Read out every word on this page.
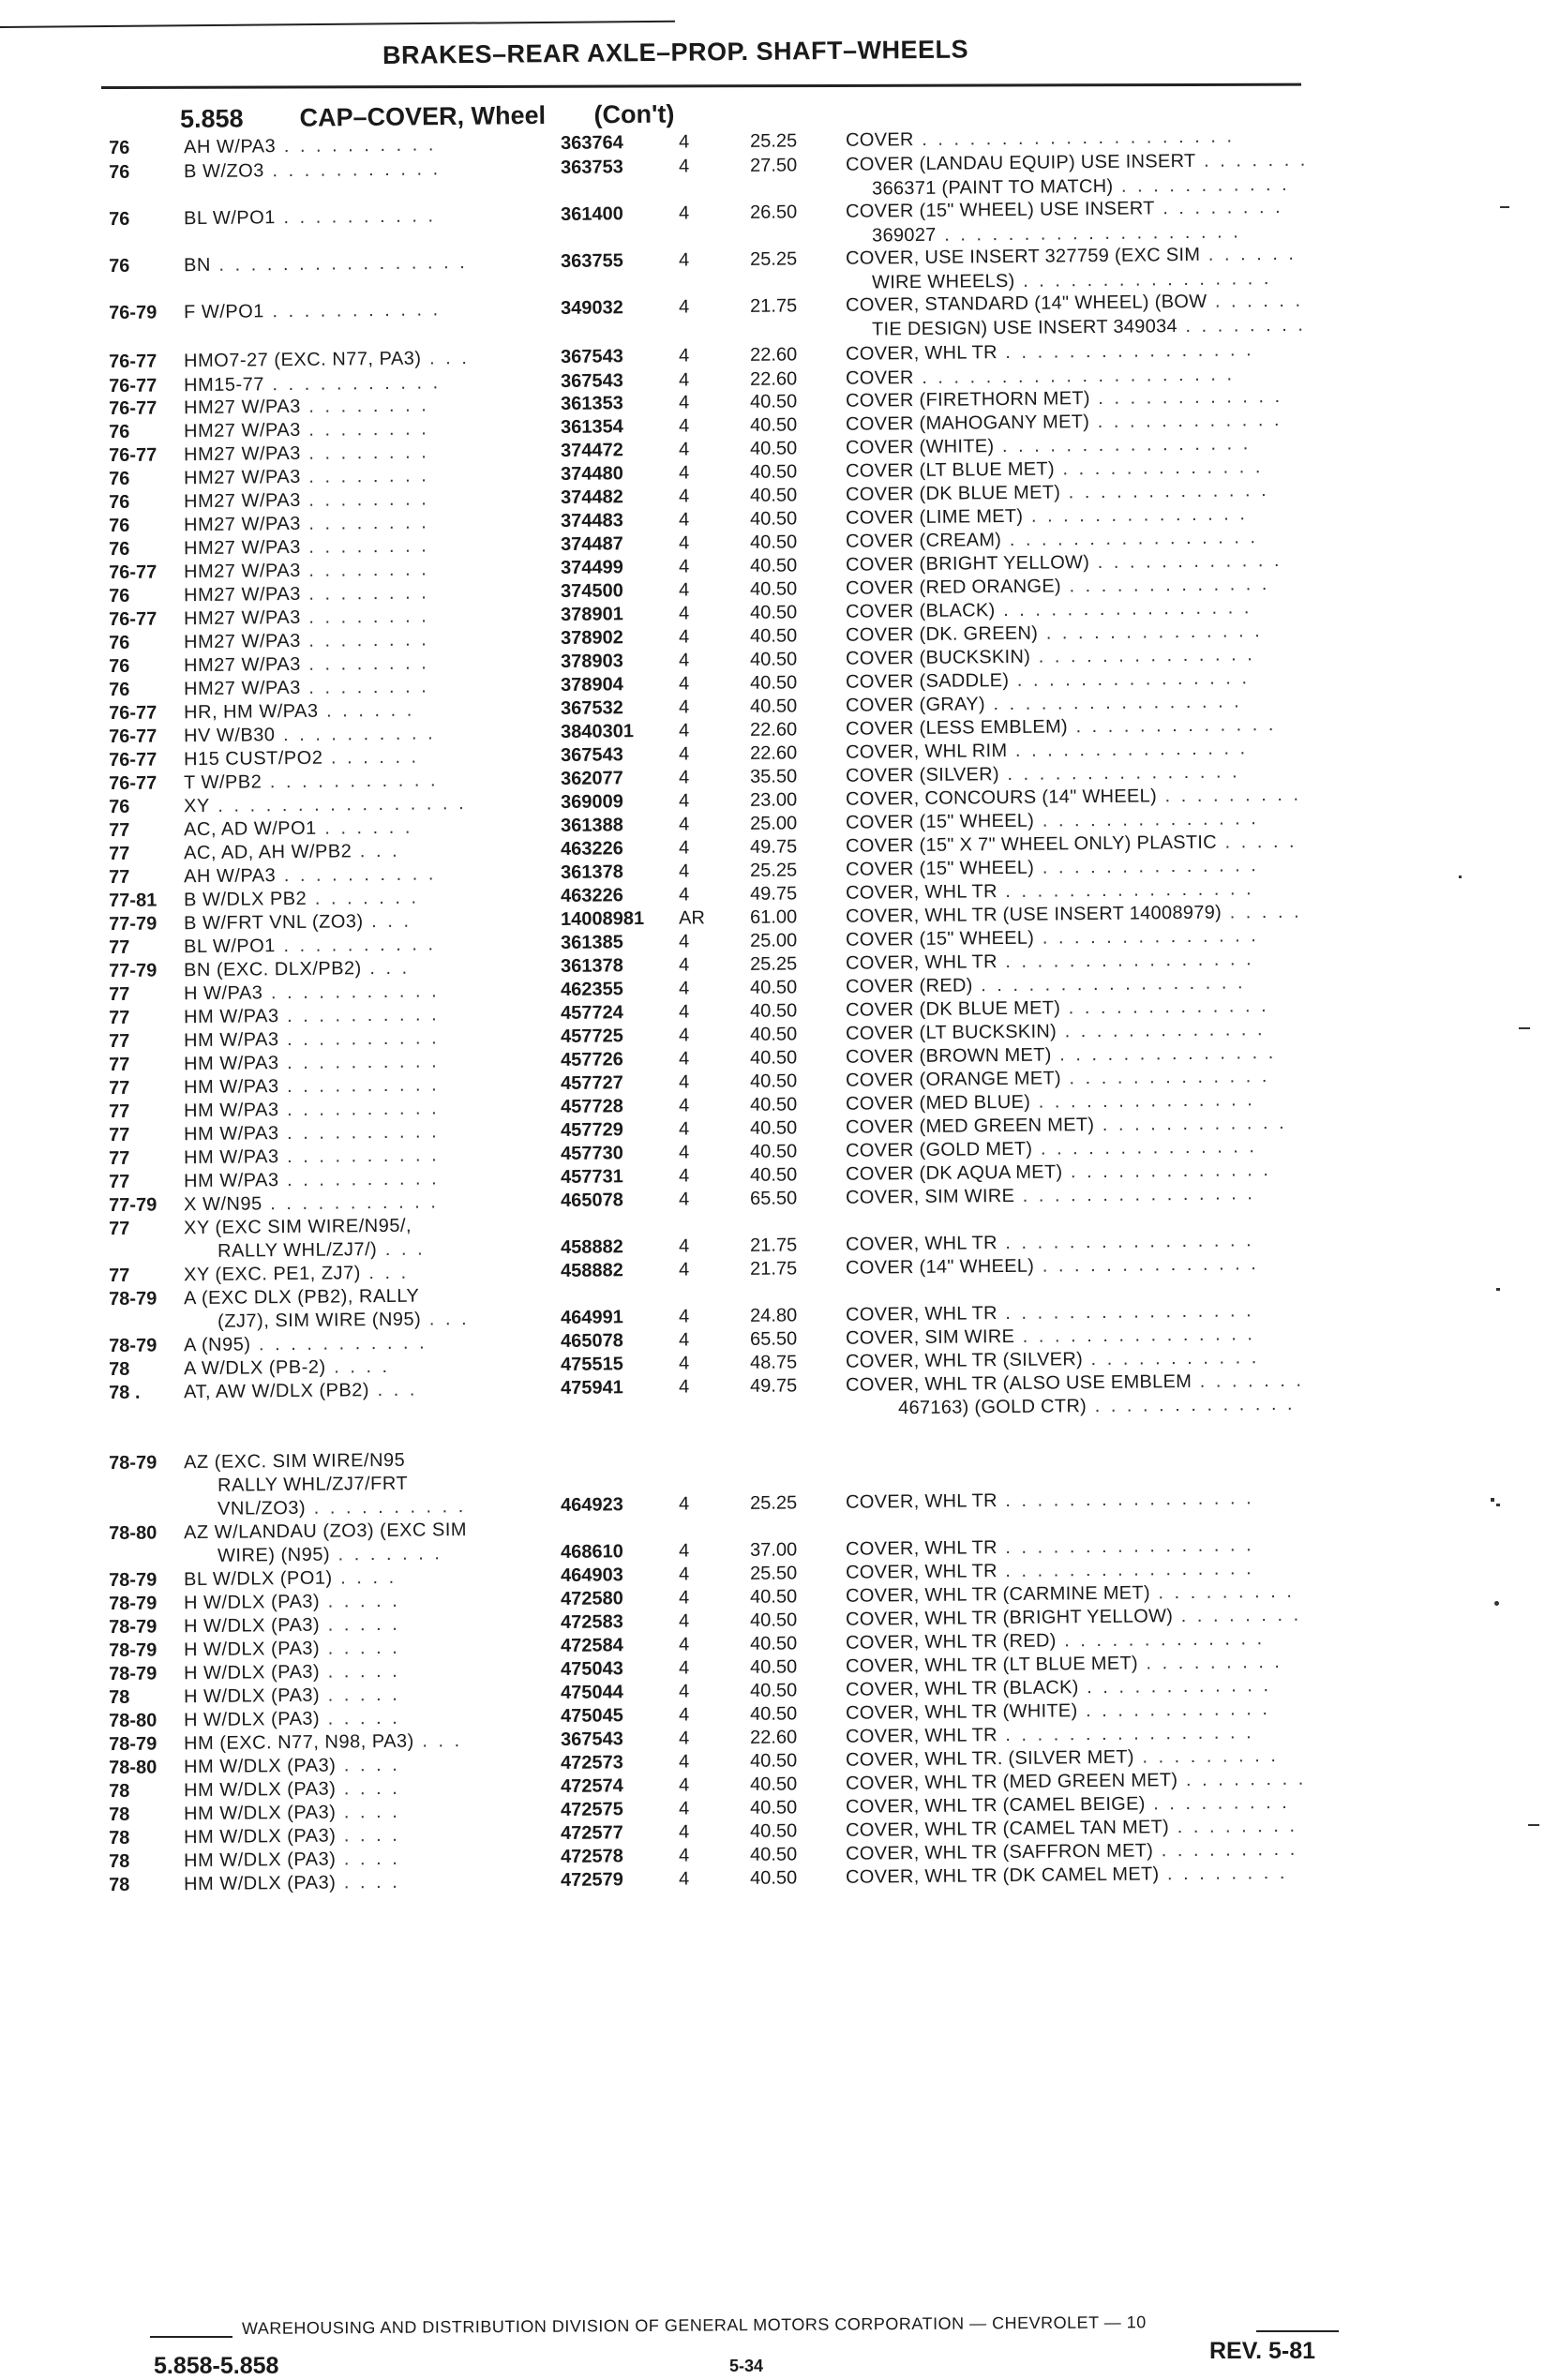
BRAKES–REAR AXLE–PROP. SHAFT–WHEELS
5.858 CAP–COVER, Wheel (Con't)
76	AH W/PA3 . . . . . . . . . .	363764	4	25.25	COVER . . . . . . . . . . . . . . . . . . . .
76	B W/ZO3 . . . . . . . . . . .	363753	4	27.50	COVER (LANDAU EQUIP) USE INSERT . . . . . . .
366371 (PAINT TO MATCH) . . . . . . . . . . .
76	BL W/PO1 . . . . . . . . . .	361400	4	26.50	COVER (15" WHEEL) USE INSERT . . . . . . . .
369027 . . . . . . . . . . . . . . . . . . .
76	BN . . . . . . . . . . . . . . . .	363755	4	25.25	COVER, USE INSERT 327759 (EXC SIM . . . . . .
WIRE WHEELS) . . . . . . . . . . . . . . . .
76-79 F W/PO1 . . . . . . . . . . .	349032	4	21.75	COVER, STANDARD (14" WHEEL) (BOW . . . . . .
TIE DESIGN) USE INSERT 349034 . . . . . . . .
76-77 HMO7-27 (EXC. N77, PA3) . . .	367543	4	22.60	COVER, WHL TR . . . . . . . . . . . . . . . .
76-77 HM15-77 . . . . . . . . . . .	367543	4	22.60	COVER . . . . . . . . . . . . . . . . . . . .
76-77 HM27 W/PA3 . . . . . . . .	361353	4	40.50	COVER (FIRETHORN MET) . . . . . . . . . . . .
76	HM27 W/PA3 . . . . . . . .	361354	4	40.50	COVER (MAHOGANY MET) . . . . . . . . . . . .
76-77 HM27 W/PA3 . . . . . . . .	374472	4	40.50	COVER (WHITE) . . . . . . . . . . . . . . . .
76	HM27 W/PA3 . . . . . . . .	374480	4	40.50	COVER (LT BLUE MET) . . . . . . . . . . . . .
76	HM27 W/PA3 . . . . . . . .	374482	4	40.50	COVER (DK BLUE MET) . . . . . . . . . . . . .
76	HM27 W/PA3 . . . . . . . .	374483	4	40.50	COVER (LIME MET) . . . . . . . . . . . . . .
76	HM27 W/PA3 . . . . . . . .	374487	4	40.50	COVER (CREAM) . . . . . . . . . . . . . . . .
76-77 HM27 W/PA3 . . . . . . . .	374499	4	40.50	COVER (BRIGHT YELLOW) . . . . . . . . . . . .
76	HM27 W/PA3 . . . . . . . .	374500	4	40.50	COVER (RED ORANGE) . . . . . . . . . . . . .
76-77 HM27 W/PA3 . . . . . . . .	378901	4	40.50	COVER (BLACK) . . . . . . . . . . . . . . . .
76	HM27 W/PA3 . . . . . . . .	378902	4	40.50	COVER (DK. GREEN) . . . . . . . . . . . . . .
76	HM27 W/PA3 . . . . . . . .	378903	4	40.50	COVER (BUCKSKIN) . . . . . . . . . . . . . .
76	HM27 W/PA3 . . . . . . . .	378904	4	40.50	COVER (SADDLE) . . . . . . . . . . . . . . .
76-77 HR, HM W/PA3 . . . . . .	367532	4	40.50	COVER (GRAY) . . . . . . . . . . . . . . . .
76-77 HV W/B30 . . . . . . . . . .	3840301 4	22.60	COVER (LESS EMBLEM) . . . . . . . . . . . . .
76-77 H15 CUST/PO2 . . . . . .	367543	4	22.60	COVER, WHL RIM . . . . . . . . . . . . . . .
76-77 T W/PB2 . . . . . . . . . . .	362077	4	35.50	COVER (SILVER) . . . . . . . . . . . . . . .
76	XY . . . . . . . . . . . . . . . .	369009	4	23.00	COVER, CONCOURS (14" WHEEL) . . . . . . . . .
77	AC, AD W/PO1 . . . . . .	361388	4	25.00	COVER (15" WHEEL) . . . . . . . . . . . . . .
77	AC, AD, AH W/PB2 . . .	463226	4	49.75	COVER (15" X 7" WHEEL ONLY) PLASTIC . . . . .
77	AH W/PA3 . . . . . . . . . .	361378	4	25.25	COVER (15" WHEEL) . . . . . . . . . . . . . .
77-81 B W/DLX PB2 . . . . . . .	463226	4	49.75	COVER, WHL TR . . . . . . . . . . . . . . . .
77-79 B W/FRT VNL (ZO3) . . .	14008981 AR 61.00	COVER, WHL TR (USE INSERT 14008979) . . . . .
77	BL W/PO1 . . . . . . . . . .	361385	4	25.00	COVER (15" WHEEL) . . . . . . . . . . . . . .
77-79 BN (EXC. DLX/PB2) . . .	361378	4	25.25	COVER, WHL TR . . . . . . . . . . . . . . . .
77	H W/PA3 . . . . . . . . . . .	462355	4	40.50	COVER (RED) . . . . . . . . . . . . . . . . .
77	HM W/PA3 . . . . . . . . . .	457724	4	40.50	COVER (DK BLUE MET) . . . . . . . . . . . . .
77	HM W/PA3 . . . . . . . . . .	457725	4	40.50	COVER (LT BUCKSKIN) . . . . . . . . . . . . .
77	HM W/PA3 . . . . . . . . . .	457726	4	40.50	COVER (BROWN MET) . . . . . . . . . . . . . .
77	HM W/PA3 . . . . . . . . . .	457727	4	40.50	COVER (ORANGE MET) . . . . . . . . . . . . .
77	HM W/PA3 . . . . . . . . . .	457728	4	40.50	COVER (MED BLUE) . . . . . . . . . . . . . .
77	HM W/PA3 . . . . . . . . . .	457729	4	40.50	COVER (MED GREEN MET) . . . . . . . . . . . .
77	HM W/PA3 . . . . . . . . . .	457730	4	40.50	COVER (GOLD MET) . . . . . . . . . . . . . .
77	HM W/PA3 . . . . . . . . . .	457731	4	40.50	COVER (DK AQUA MET) . . . . . . . . . . . . .
77-79 X W/N95 . . . . . . . . . . .	465078	4	65.50	COVER, SIM WIRE . . . . . . . . . . . . . . .
77	XY (EXC SIM WIRE/N95/,
RALLY WHL/ZJ7/) . . .	458882	4	21.75	COVER, WHL TR . . . . . . . . . . . . . . . .
77	XY (EXC. PE1, ZJ7) . . .	458882	4	21.75	COVER (14" WHEEL) . . . . . . . . . . . . . .
78-79 A (EXC DLX (PB2), RALLY
(ZJ7), SIM WIRE (N95) . . .	464991	4	24.80	COVER, WHL TR . . . . . . . . . . . . . . . .
78-79 A (N95) . . . . . . . . . . .	465078	4	65.50	COVER, SIM WIRE . . . . . . . . . . . . . . .
78	A W/DLX (PB-2) . . . .	475515	4	48.75	COVER, WHL TR (SILVER) . . . . . . . . . . .
78 . AT, AW W/DLX (PB2) . . .	475941	4	49.75	COVER, WHL TR (ALSO USE EMBLEM . . . . . . .
467163) (GOLD CTR) . . . . . . . . . . . . .
78-79 AZ (EXC. SIM WIRE/N95
RALLY WHL/ZJ7/FRT
VNL/ZO3) . . . . . . . . . .	464923	4	25.25	COVER, WHL TR . . . . . . . . . . . . . . . .
78-80 AZ W/LANDAU (ZO3) (EXC SIM
WIRE) (N95) . . . . . . .	468610	4	37.00	COVER, WHL TR . . . . . . . . . . . . . . . .
78-79 BL W/DLX (PO1) . . . .	464903	4	25.50	COVER, WHL TR . . . . . . . . . . . . . . . .
78-79 H W/DLX (PA3) . . . . .	472580	4	40.50	COVER, WHL TR (CARMINE MET) . . . . . . . . .
78-79 H W/DLX (PA3) . . . . .	472583	4	40.50	COVER, WHL TR (BRIGHT YELLOW) . . . . . . . .
78-79 H W/DLX (PA3) . . . . .	472584	4	40.50	COVER, WHL TR (RED) . . . . . . . . . . . . .
78-79 H W/DLX (PA3) . . . . .	475043	4	40.50	COVER, WHL TR (LT BLUE MET) . . . . . . . . .
78	H W/DLX (PA3) . . . . .	475044	4	40.50	COVER, WHL TR (BLACK) . . . . . . . . . . . .
78-80 H W/DLX (PA3) . . . . .	475045	4	40.50	COVER, WHL TR (WHITE) . . . . . . . . . . . .
78-79 HM (EXC. N77, N98, PA3) . . .	367543	4	22.60	COVER, WHL TR . . . . . . . . . . . . . . . .
78-80 HM W/DLX (PA3) . . . .	472573	4	40.50	COVER, WHL TR. (SILVER MET) . . . . . . . . .
78	HM W/DLX (PA3) . . . .	472574	4	40.50	COVER, WHL TR (MED GREEN MET) . . . . . . . .
78	HM W/DLX (PA3) . . . .	472575	4	40.50	COVER, WHL TR (CAMEL BEIGE) . . . . . . . . .
78	HM W/DLX (PA3) . . . .	472577	4	40.50	COVER, WHL TR (CAMEL TAN MET) . . . . . . . .
78	HM W/DLX (PA3) . . . .	472578	4	40.50	COVER, WHL TR (SAFFRON MET) . . . . . . . . .
78	HM W/DLX (PA3) . . . .	472579	4	40.50	COVER, WHL TR (DK CAMEL MET) . . . . . . . .
WAREHOUSING AND DISTRIBUTION DIVISION OF GENERAL MOTORS CORPORATION — CHEVROLET — 10
5.858-5.858	5-34
REV. 5-81
